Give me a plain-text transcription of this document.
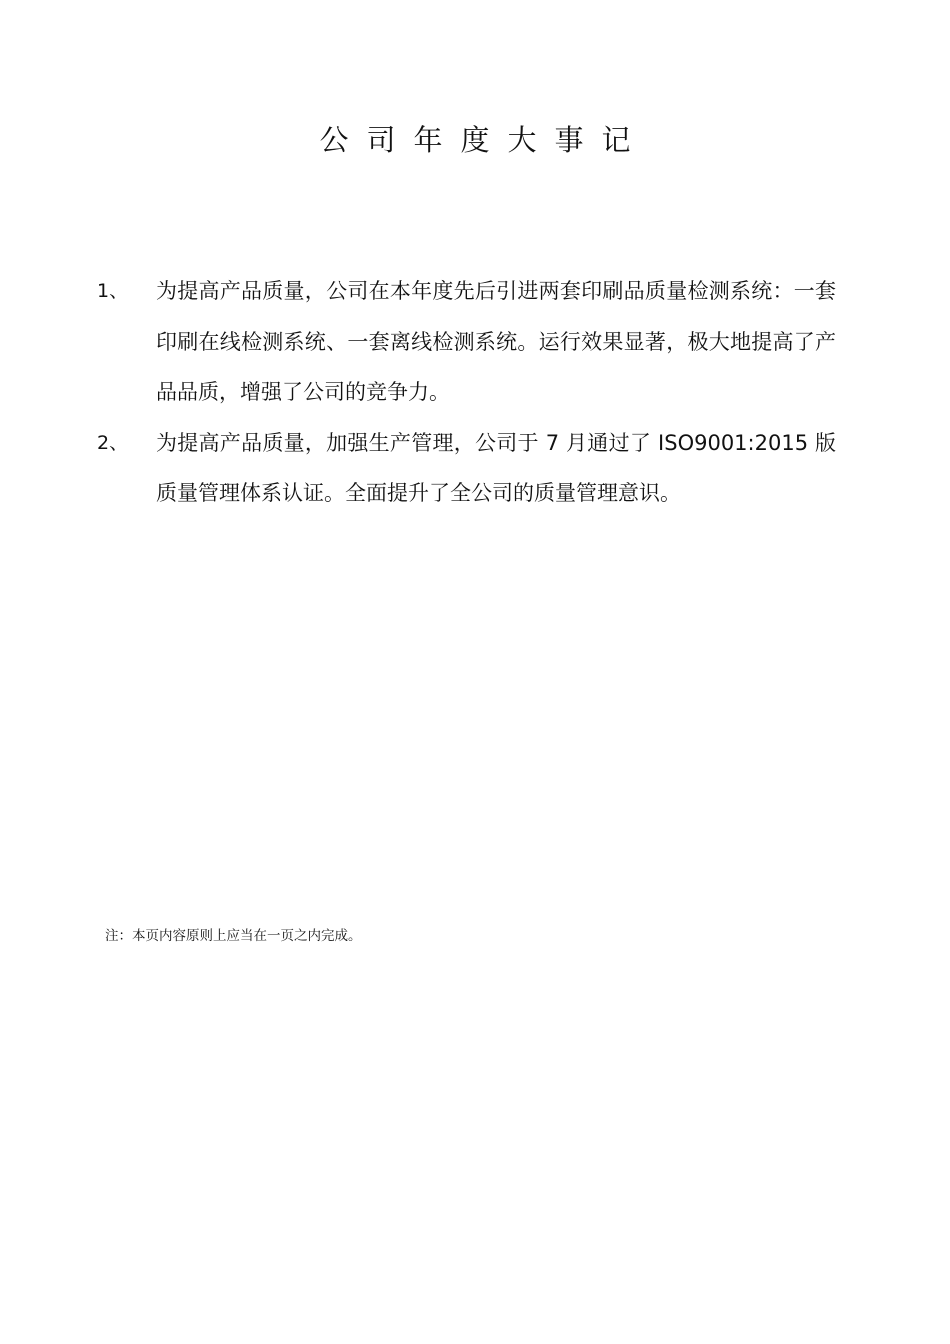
公司年度大事记
1、 为提高产品质量，公司在本年度先后引进两套印刷品质量检测系统：一套印刷在线检测系统、一套离线检测系统。运行效果显著，极大地提高了产品品质，增强了公司的竞争力。
2、 为提高产品质量，加强生产管理，公司于 7 月通过了 ISO9001:2015 版质量管理体系认证。全面提升了全公司的质量管理意识。
注：本页内容原则上应当在一页之内完成。
